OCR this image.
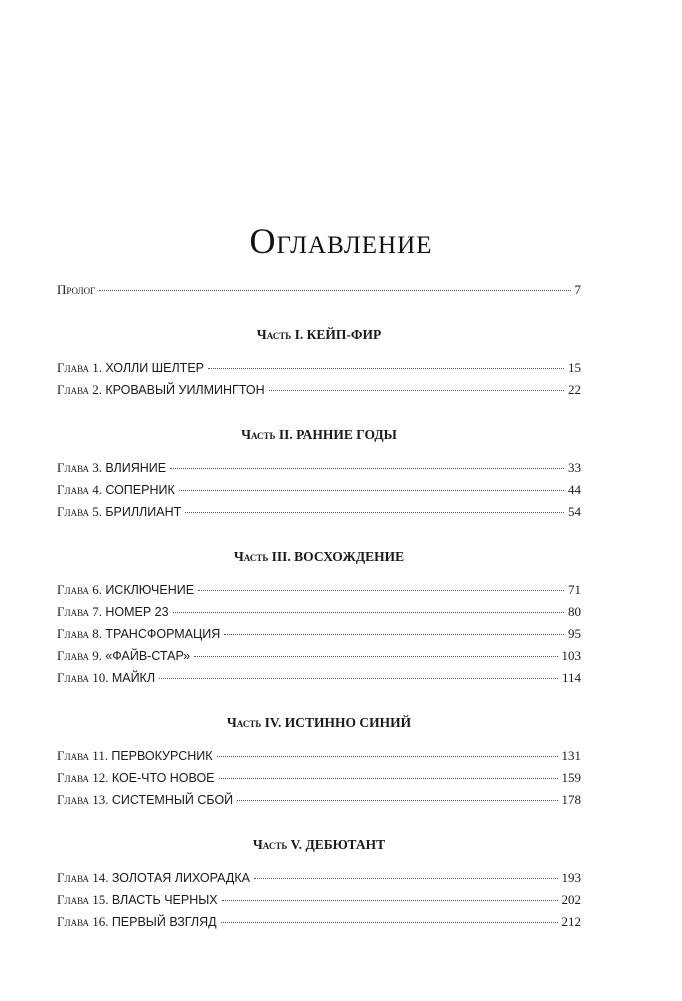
Оглавление
Пролог	7
Часть I. КЕЙП-ФИР
Глава 1. ХОЛЛИ ШЕЛТЕР	15
Глава 2. КРОВАВЫЙ УИЛМИНГТОН	22
Часть II. РАННИЕ ГОДЫ
Глава 3. ВЛИЯНИЕ	33
Глава 4. СОПЕРНИК	44
Глава 5. БРИЛЛИАНТ	54
Часть III. ВОСХОЖДЕНИЕ
Глава 6. ИСКЛЮЧЕНИЕ	71
Глава 7. НОМЕР 23	80
Глава 8. ТРАНСФОРМАЦИЯ	95
Глава 9. «ФАЙВ-СТАР»	103
Глава 10. МАЙКЛ	114
Часть IV. ИСТИННО СИНИЙ
Глава 11. ПЕРВОКУРСНИК	131
Глава 12. КОЕ-ЧТО НОВОЕ	159
Глава 13. СИСТЕМНЫЙ СБОЙ	178
Часть V. ДЕБЮТАНТ
Глава 14. ЗОЛОТАЯ ЛИХОРАДКА	193
Глава 15. ВЛАСТЬ ЧЕРНЫХ	202
Глава 16. ПЕРВЫЙ ВЗГЛЯД	212
